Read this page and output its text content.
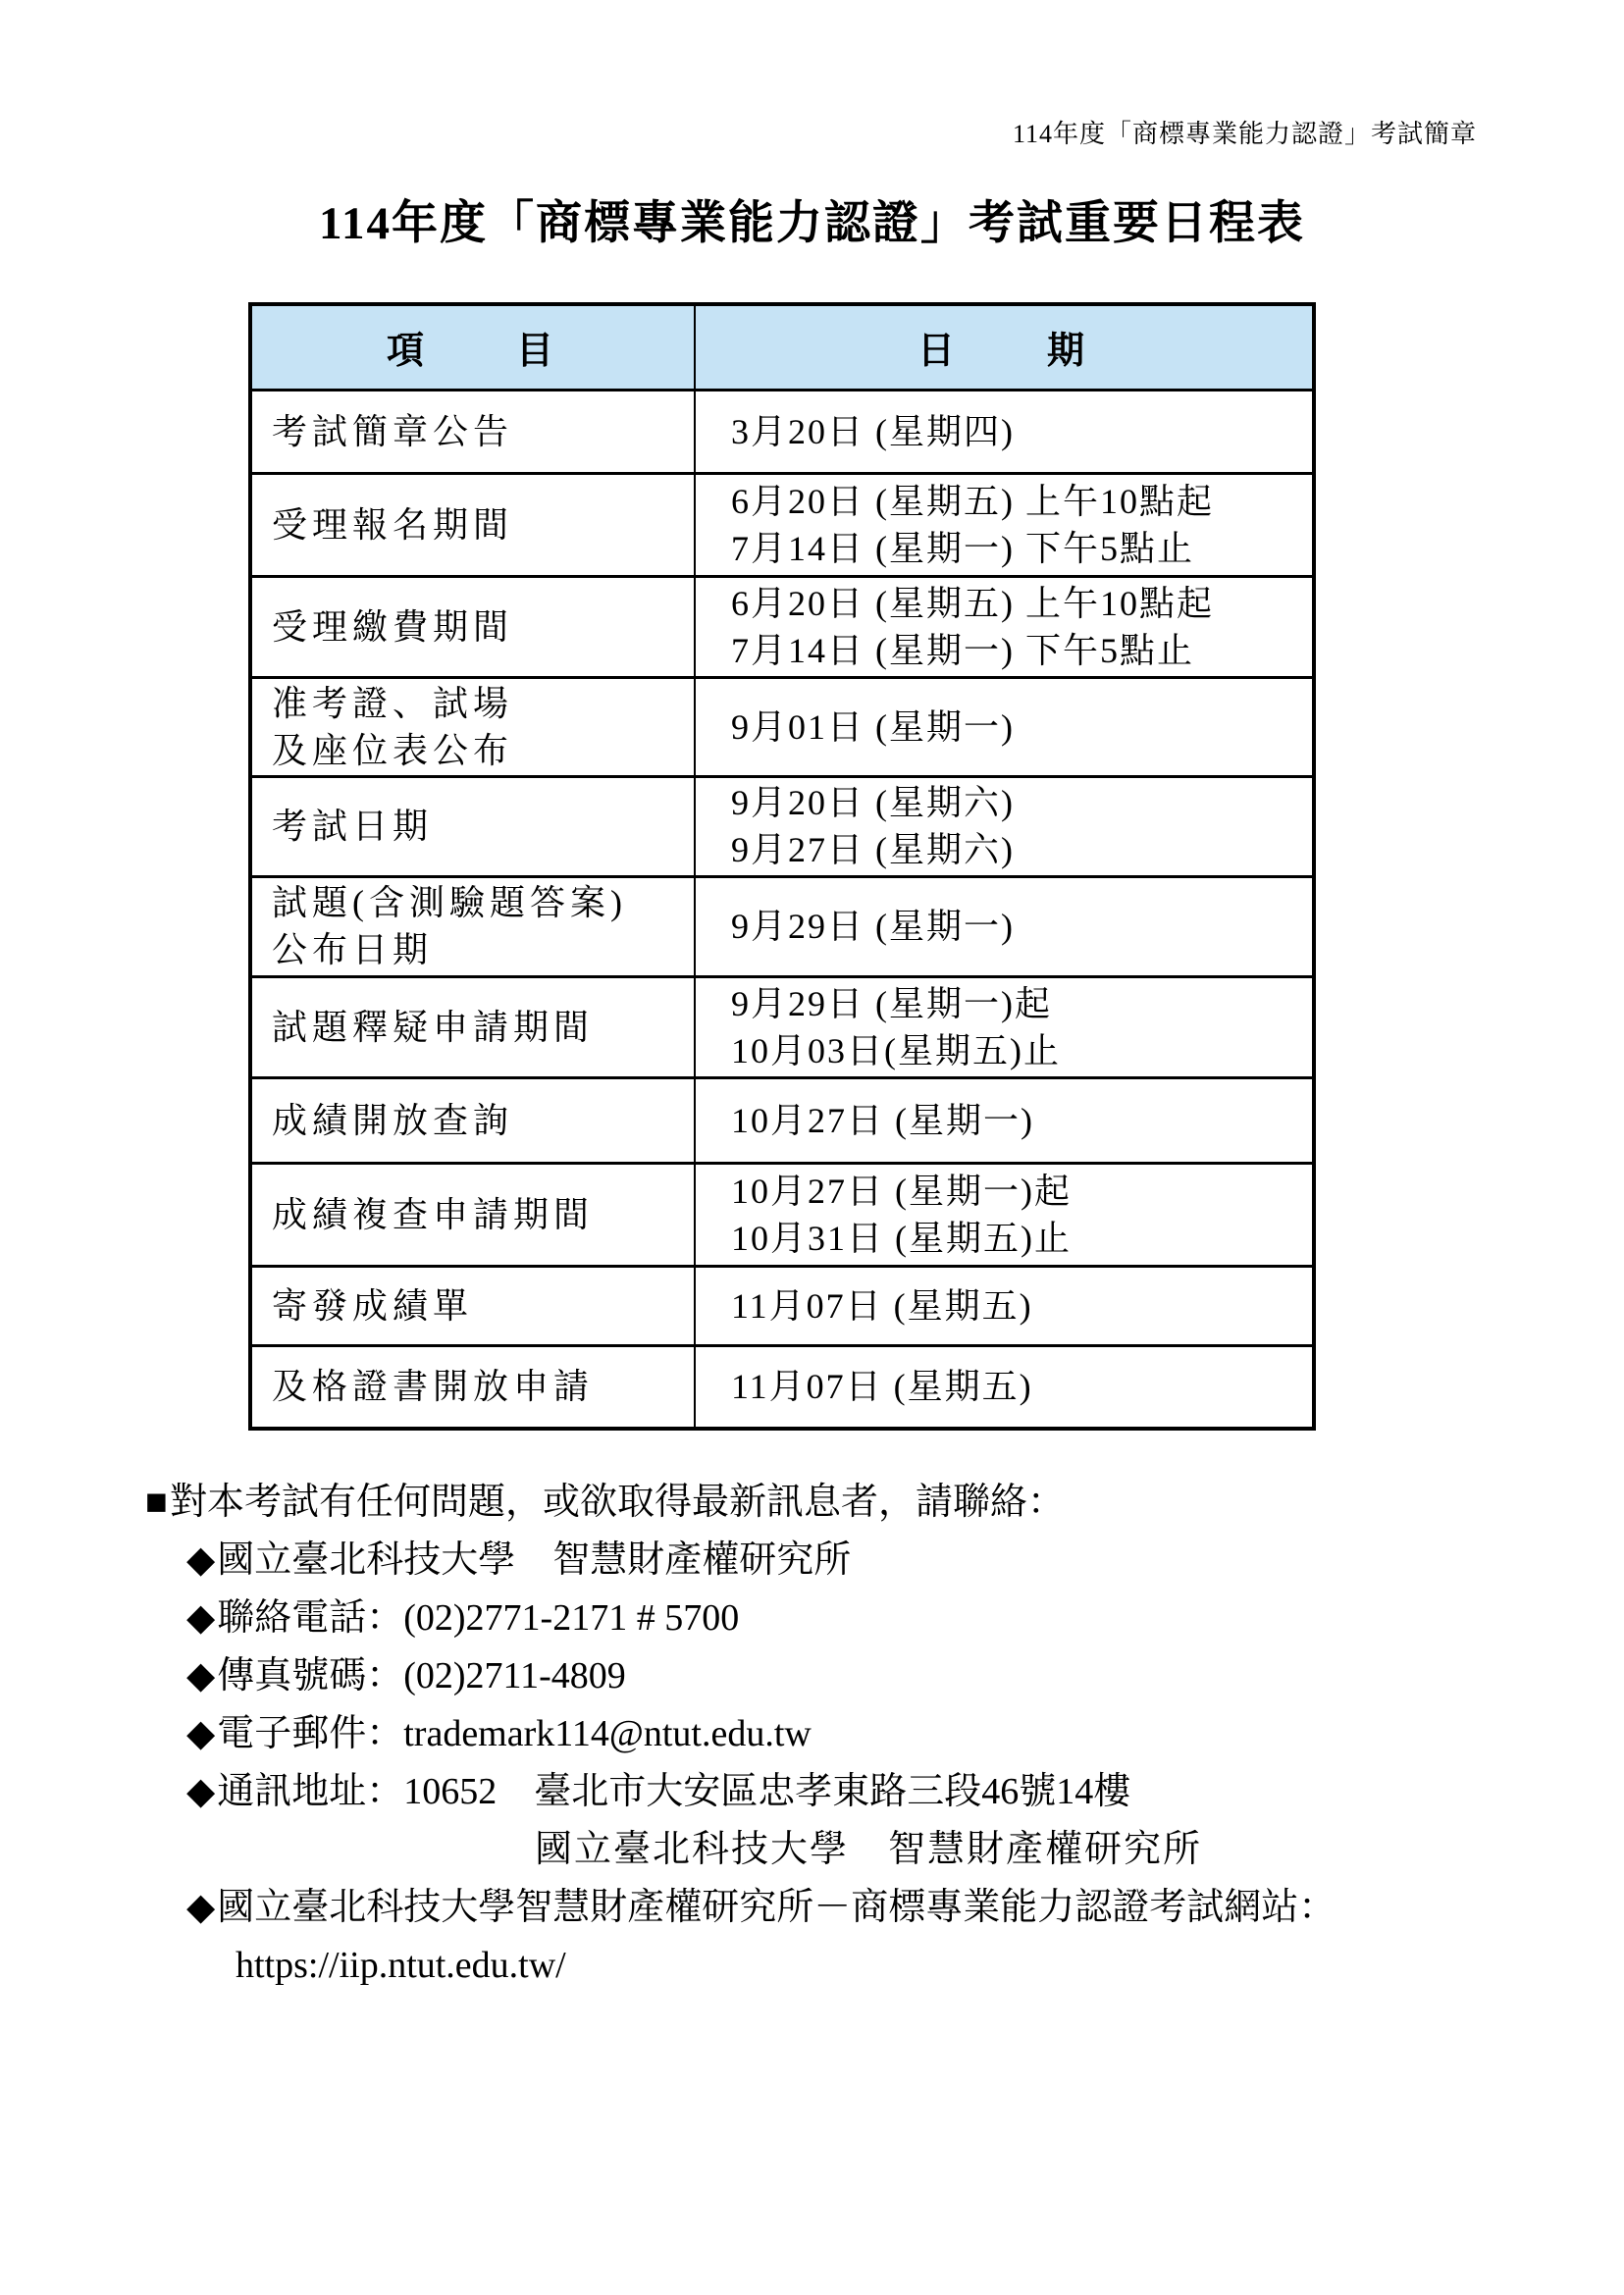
114年度「商標專業能力認證」考試簡章
114年度「商標專業能力認證」考試重要日程表
項　　目	日　　期

考試簡章公告	3月20日 (星期四)

受理報名期間	6月20日 (星期五) 上午10點起
7月14日 (星期一) 下午5點止

受理繳費期間	6月20日 (星期五) 上午10點起
7月14日 (星期一) 下午5點止

准考證、試場
及座位表公布	9月01日 (星期一)

考試日期	9月20日 (星期六)
9月27日 (星期六)

試題(含測驗題答案)
公布日期	9月29日 (星期一)

試題釋疑申請期間	9月29日 (星期一)起
10月03日(星期五)止

成績開放查詢	10月27日 (星期一)

成績複查申請期間	10月27日 (星期一)起
10月31日 (星期五)止

寄發成績單	11月07日 (星期五)

及格證書開放申請	11月07日 (星期五)
■對本考試有任何問題，或欲取得最新訊息者，請聯絡：
◆國立臺北科技大學　智慧財產權研究所
◆聯絡電話：(02)2771-2171 # 5700
◆傳真號碼：(02)2711-4809
◆電子郵件：trademark114@ntut.edu.tw
◆通訊地址：10652　臺北市大安區忠孝東路三段46號14樓
國立臺北科技大學　智慧財產權研究所
◆國立臺北科技大學智慧財產權研究所－商標專業能力認證考試網站：
https://iip.ntut.edu.tw/
